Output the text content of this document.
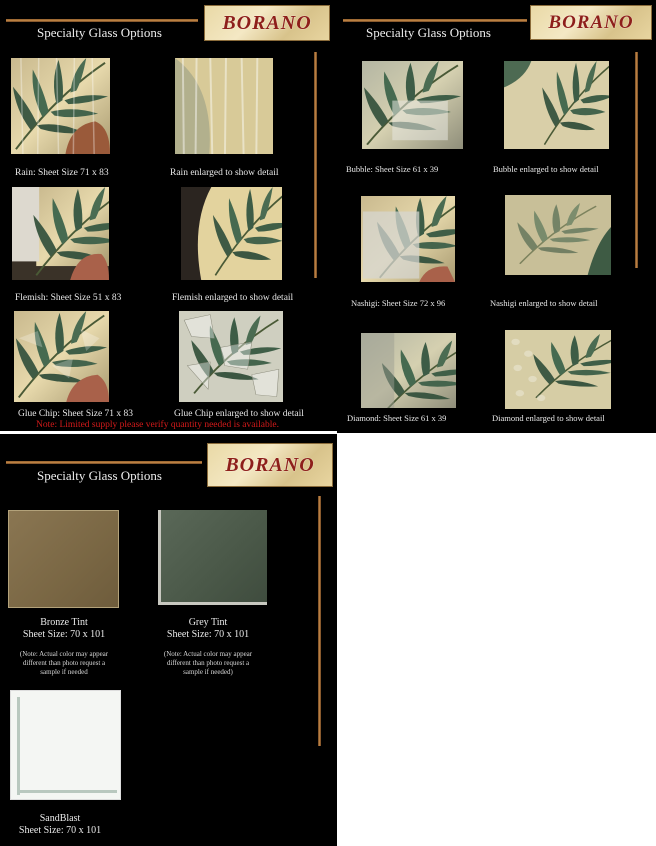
Specialty Glass Options	BORANO
Rain: Sheet Size 71 x 83	Rain enlarged to show detail
Flemish: Sheet Size 51 x 83	Flemish enlarged to show detail
Glue Chip: Sheet Size 71 x 83	Glue Chip enlarged to show detail
Note: Limited supply please verify quantity needed is available.
Specialty Glass Options	BORANO
Bubble: Sheet Size 61 x 39	Bubble enlarged to show detail
Nashigi: Sheet Size 72 x 96	Nashigi enlarged to show detail
Diamond: Sheet Size 61 x 39	Diamond enlarged to show detail
Specialty Glass Options	BORANO
Bronze Tint
Sheet Size: 70 x 101
(Note: Actual color may appear different than photo request a sample if needed
Grey Tint
Sheet Size: 70 x 101
(Note: Actual color may appear different than photo request a sample if needed)
SandBlast
Sheet Size: 70 x 101
